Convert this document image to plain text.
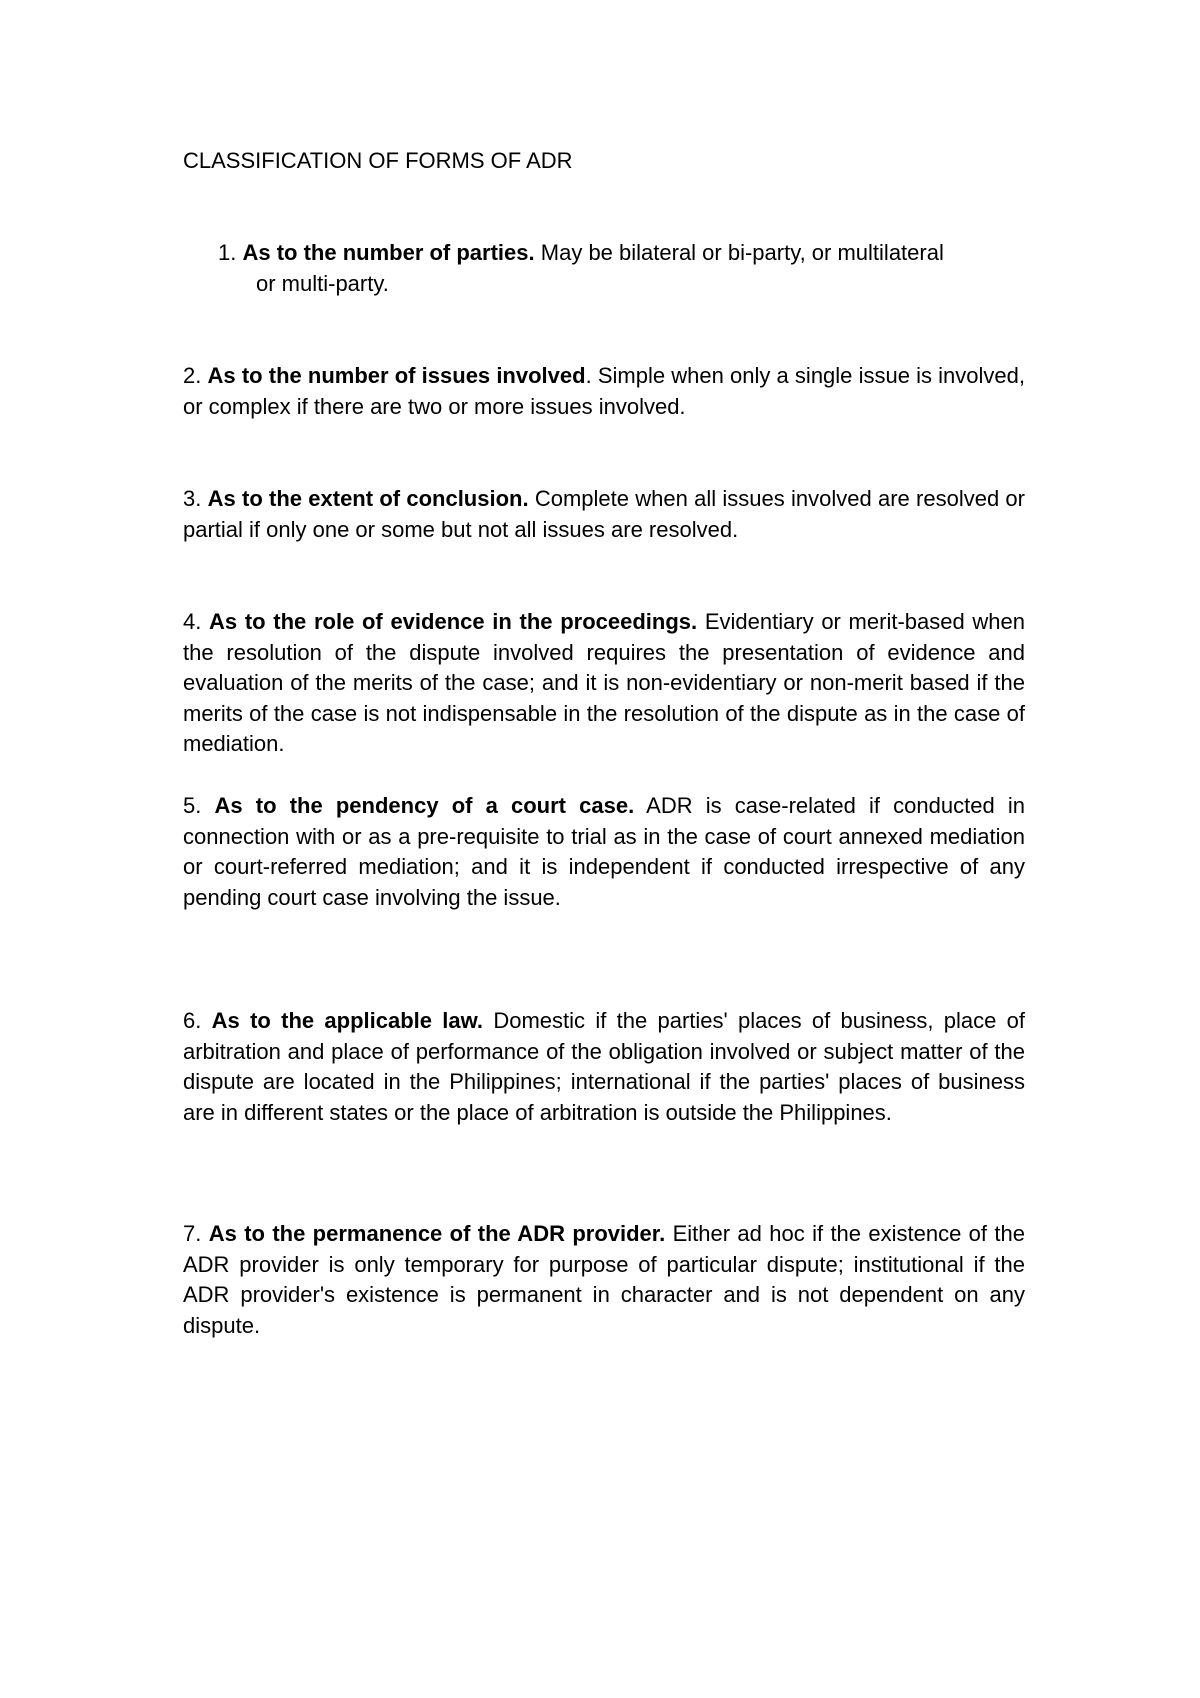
CLASSIFICATION OF FORMS OF ADR
1. As to the number of parties. May be bilateral or bi-party, or multilateral
or multi-party.
2. As to the number of issues involved. Simple when only a single issue is involved, or complex if there are two or more issues involved.
3. As to the extent of conclusion. Complete when all issues involved are resolved or partial if only one or some but not all issues are resolved.
4. As to the role of evidence in the proceedings. Evidentiary or merit-based when the resolution of the dispute involved requires the presentation of evidence and evaluation of the merits of the case; and it is non-evidentiary or non-merit based if the merits of the case is not indispensable in the resolution of the dispute as in the case of mediation.
5. As to the pendency of a court case. ADR is case-related if conducted in connection with or as a pre-requisite to trial as in the case of court annexed mediation or court-referred mediation; and it is independent if conducted irrespective of any pending court case involving the issue.
6. As to the applicable law. Domestic if the parties' places of business, place of arbitration and place of performance of the obligation involved or subject matter of the dispute are located in the Philippines; international if the parties' places of business are in different states or the place of arbitration is outside the Philippines.
7. As to the permanence of the ADR provider. Either ad hoc if the existence of the ADR provider is only temporary for purpose of particular dispute; institutional if the ADR provider's existence is permanent in character and is not dependent on any dispute.
